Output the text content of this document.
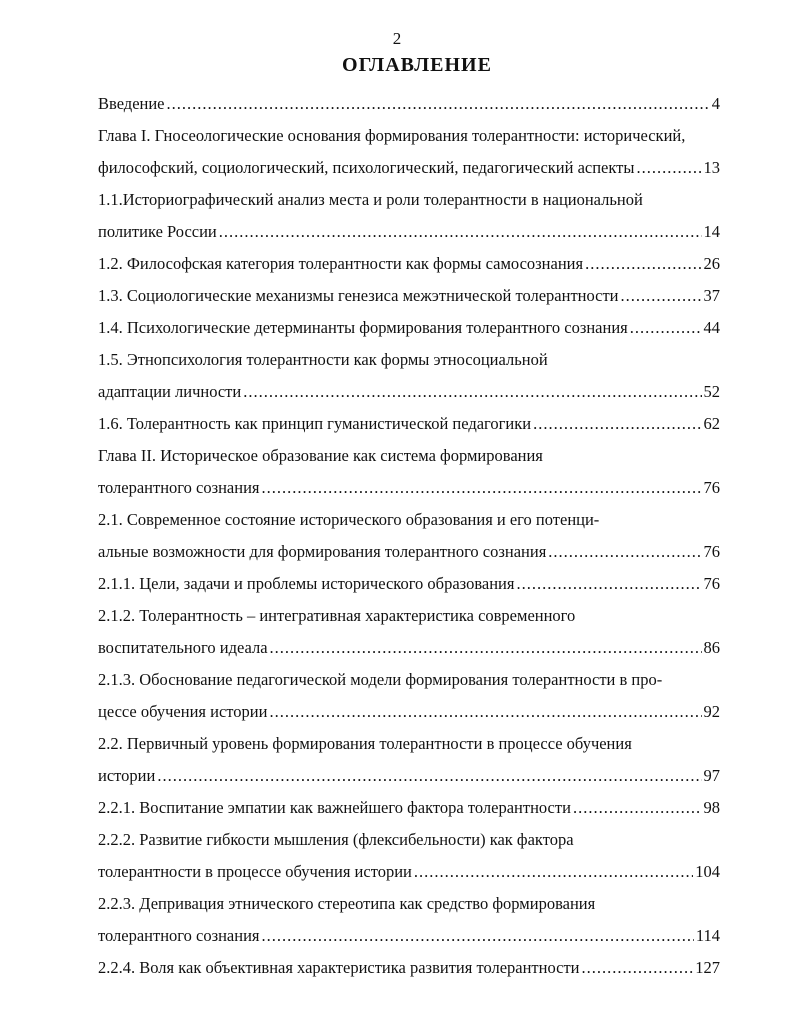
2
ОГЛАВЛЕНИЕ
Введение .....	4
Глава I. Гносеологические основания формирования толерантности: исторический,
философский, социологический, психологический, педагогический аспекты .....	13
1.1.Историографический анализ места и роли толерантности в национальной
политике России .....	14
1.2. Философская категория толерантности как формы самосознания .....	26
1.3. Социологические механизмы генезиса межэтнической толерантности .....	37
1.4. Психологические детерминанты формирования толерантного сознания .....	44
1.5. Этнопсихология толерантности как формы этносоциальной
адаптации личности .....	52
1.6. Толерантность как принцип гуманистической педагогики .....	62
Глава II. Историческое образование как система формирования
толерантного сознания .....	76
2.1. Современное состояние исторического образования и его потенци-
альные возможности для формирования толерантного сознания .....	76
2.1.1. Цели, задачи и проблемы исторического образования .....	76
2.1.2. Толерантность – интегративная характеристика современного
воспитательного идеала .....	86
2.1.3. Обоснование педагогической модели формирования толерантности в про-
цессе обучения истории .....	92
2.2. Первичный уровень формирования толерантности в процессе обучения
истории .....	97
2.2.1. Воспитание эмпатии как важнейшего фактора толерантности .....	98
2.2.2. Развитие гибкости мышления (флексибельности) как фактора
толерантности в процессе обучения истории .....	104
2.2.3. Депривация этнического стереотипа как средство формирования
толерантного сознания .....	114
2.2.4. Воля как объективная характеристика развития толерантности .....	127
